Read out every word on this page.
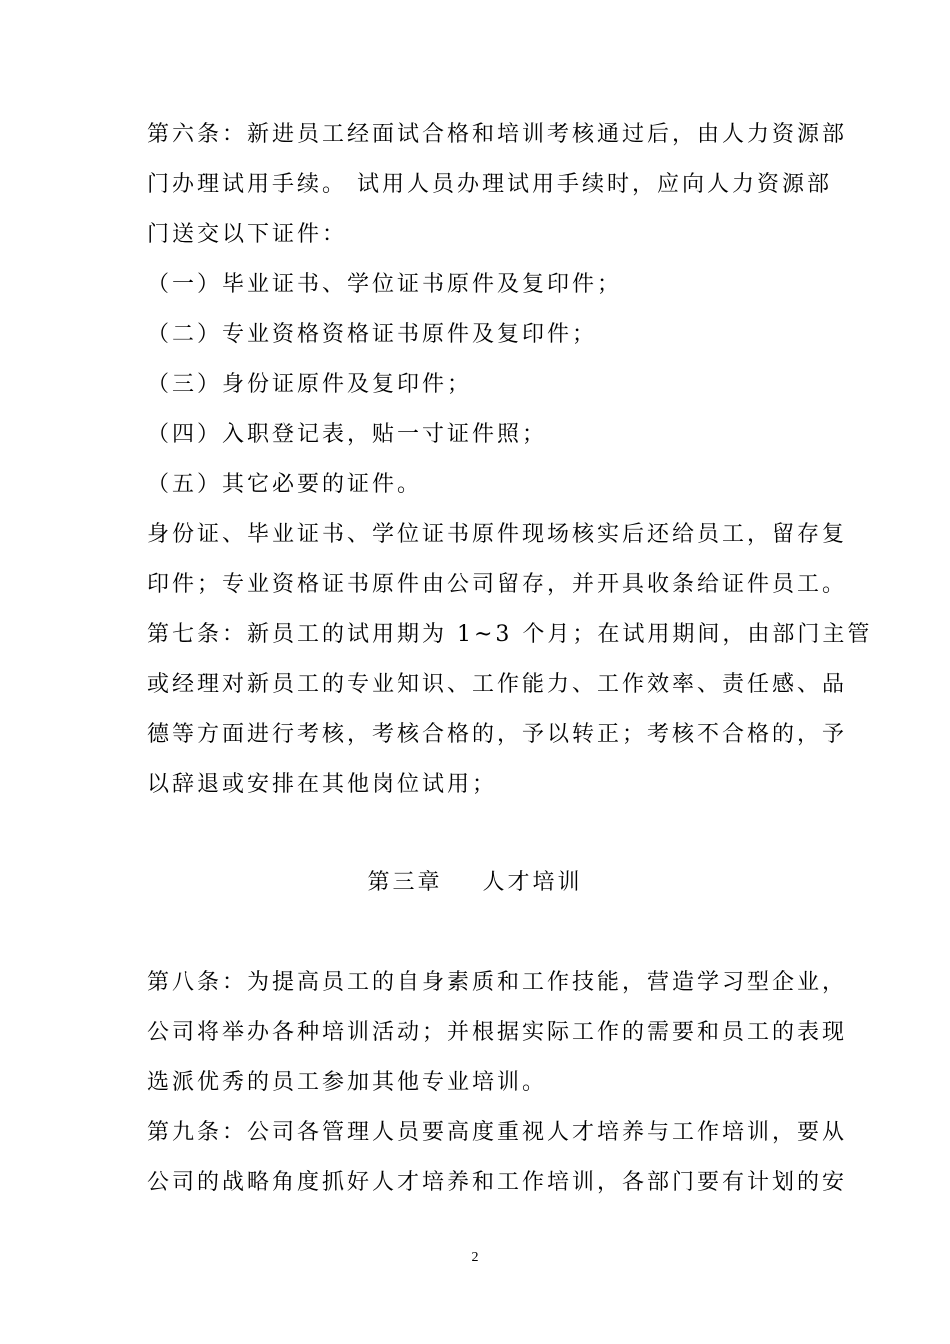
第六条：新进员工经面试合格和培训考核通过后，由人力资源部
门办理试用手续。 试用人员办理试用手续时，应向人力资源部
门送交以下证件：
（一）毕业证书、学位证书原件及复印件；
（二）专业资格资格证书原件及复印件；
（三）身份证原件及复印件；
（四）入职登记表，贴一寸证件照；
（五）其它必要的证件。
身份证、毕业证书、学位证书原件现场核实后还给员工，留存复
印件；专业资格证书原件由公司留存，并开具收条给证件员工。
第七条：新员工的试用期为 1~3 个月；在试用期间，由部门主管
或经理对新员工的专业知识、工作能力、工作效率、责任感、品
德等方面进行考核，考核合格的，予以转正；考核不合格的，予
以辞退或安排在其他岗位试用；
第三章    人才培训
第八条：为提高员工的自身素质和工作技能，营造学习型企业，
公司将举办各种培训活动；并根据实际工作的需要和员工的表现
选派优秀的员工参加其他专业培训。
第九条：公司各管理人员要高度重视人才培养与工作培训，要从
公司的战略角度抓好人才培养和工作培训，各部门要有计划的安
2
